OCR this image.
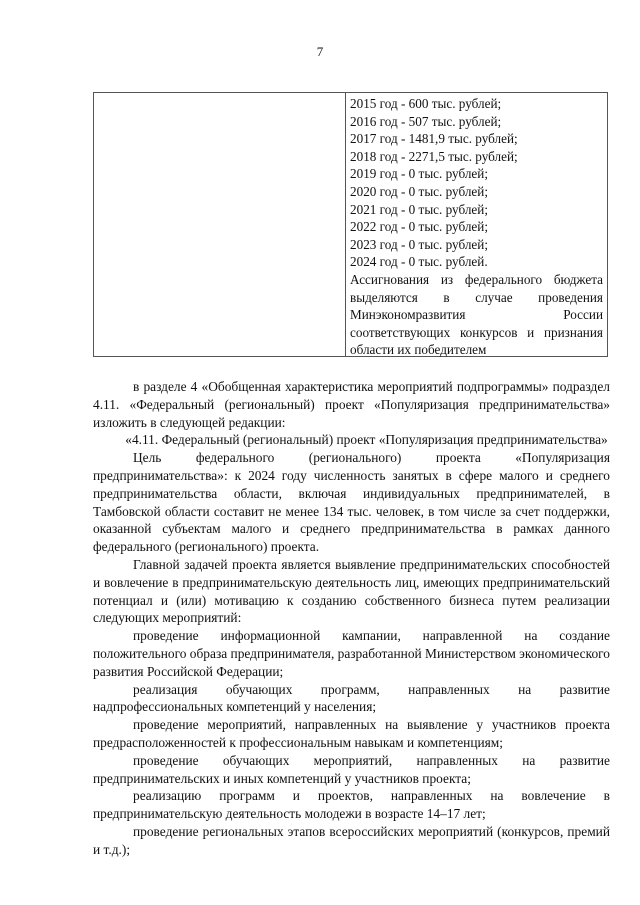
7
2015 год - 600 тыс. рублей;
2016 год - 507 тыс. рублей;
2017 год - 1481,9 тыс. рублей;
2018 год - 2271,5 тыс. рублей;
2019 год - 0 тыс. рублей;
2020 год - 0 тыс. рублей;
2021 год - 0 тыс. рублей;
2022 год - 0 тыс. рублей;
2023 год - 0 тыс. рублей;
2024 год - 0 тыс. рублей.
Ассигнования из федерального бюджета выделяются в случае проведения Минэкономразвития России соответствующих конкурсов и признания области их победителем

в разделе 4 «Обобщенная характеристика мероприятий подпрограммы» подраздел 4.11. «Федеральный (региональный) проект «Популяризация предпринимательства» изложить в следующей редакции:

«4.11. Федеральный (региональный) проект «Популяризация предпринимательства»

Цель федерального (регионального) проекта «Популяризация предпринимательства»: к 2024 году численность занятых в сфере малого и среднего предпринимательства области, включая индивидуальных предпринимателей, в Тамбовской области составит не менее 134 тыс. человек, в том числе за счет поддержки, оказанной субъектам малого и среднего предпринимательства в рамках данного федерального (регионального) проекта.

Главной задачей проекта является выявление предпринимательских способностей и вовлечение в предпринимательскую деятельность лиц, имеющих предпринимательский потенциал и (или) мотивацию к созданию собственного бизнеса путем реализации следующих мероприятий:

проведение информационной кампании, направленной на создание положительного образа предпринимателя, разработанной Министерством экономического развития Российской Федерации;

реализация обучающих программ, направленных на развитие надпрофессиональных компетенций у населения;

проведение мероприятий, направленных на выявление у участников проекта предрасположенностей к профессиональным навыкам и компетенциям;

проведение обучающих мероприятий, направленных на развитие предпринимательских и иных компетенций у участников проекта;

реализацию программ и проектов, направленных на вовлечение в предпринимательскую деятельность молодежи в возрасте 14–17 лет;

проведение региональных этапов всероссийских мероприятий (конкурсов, премий и т.д.);
